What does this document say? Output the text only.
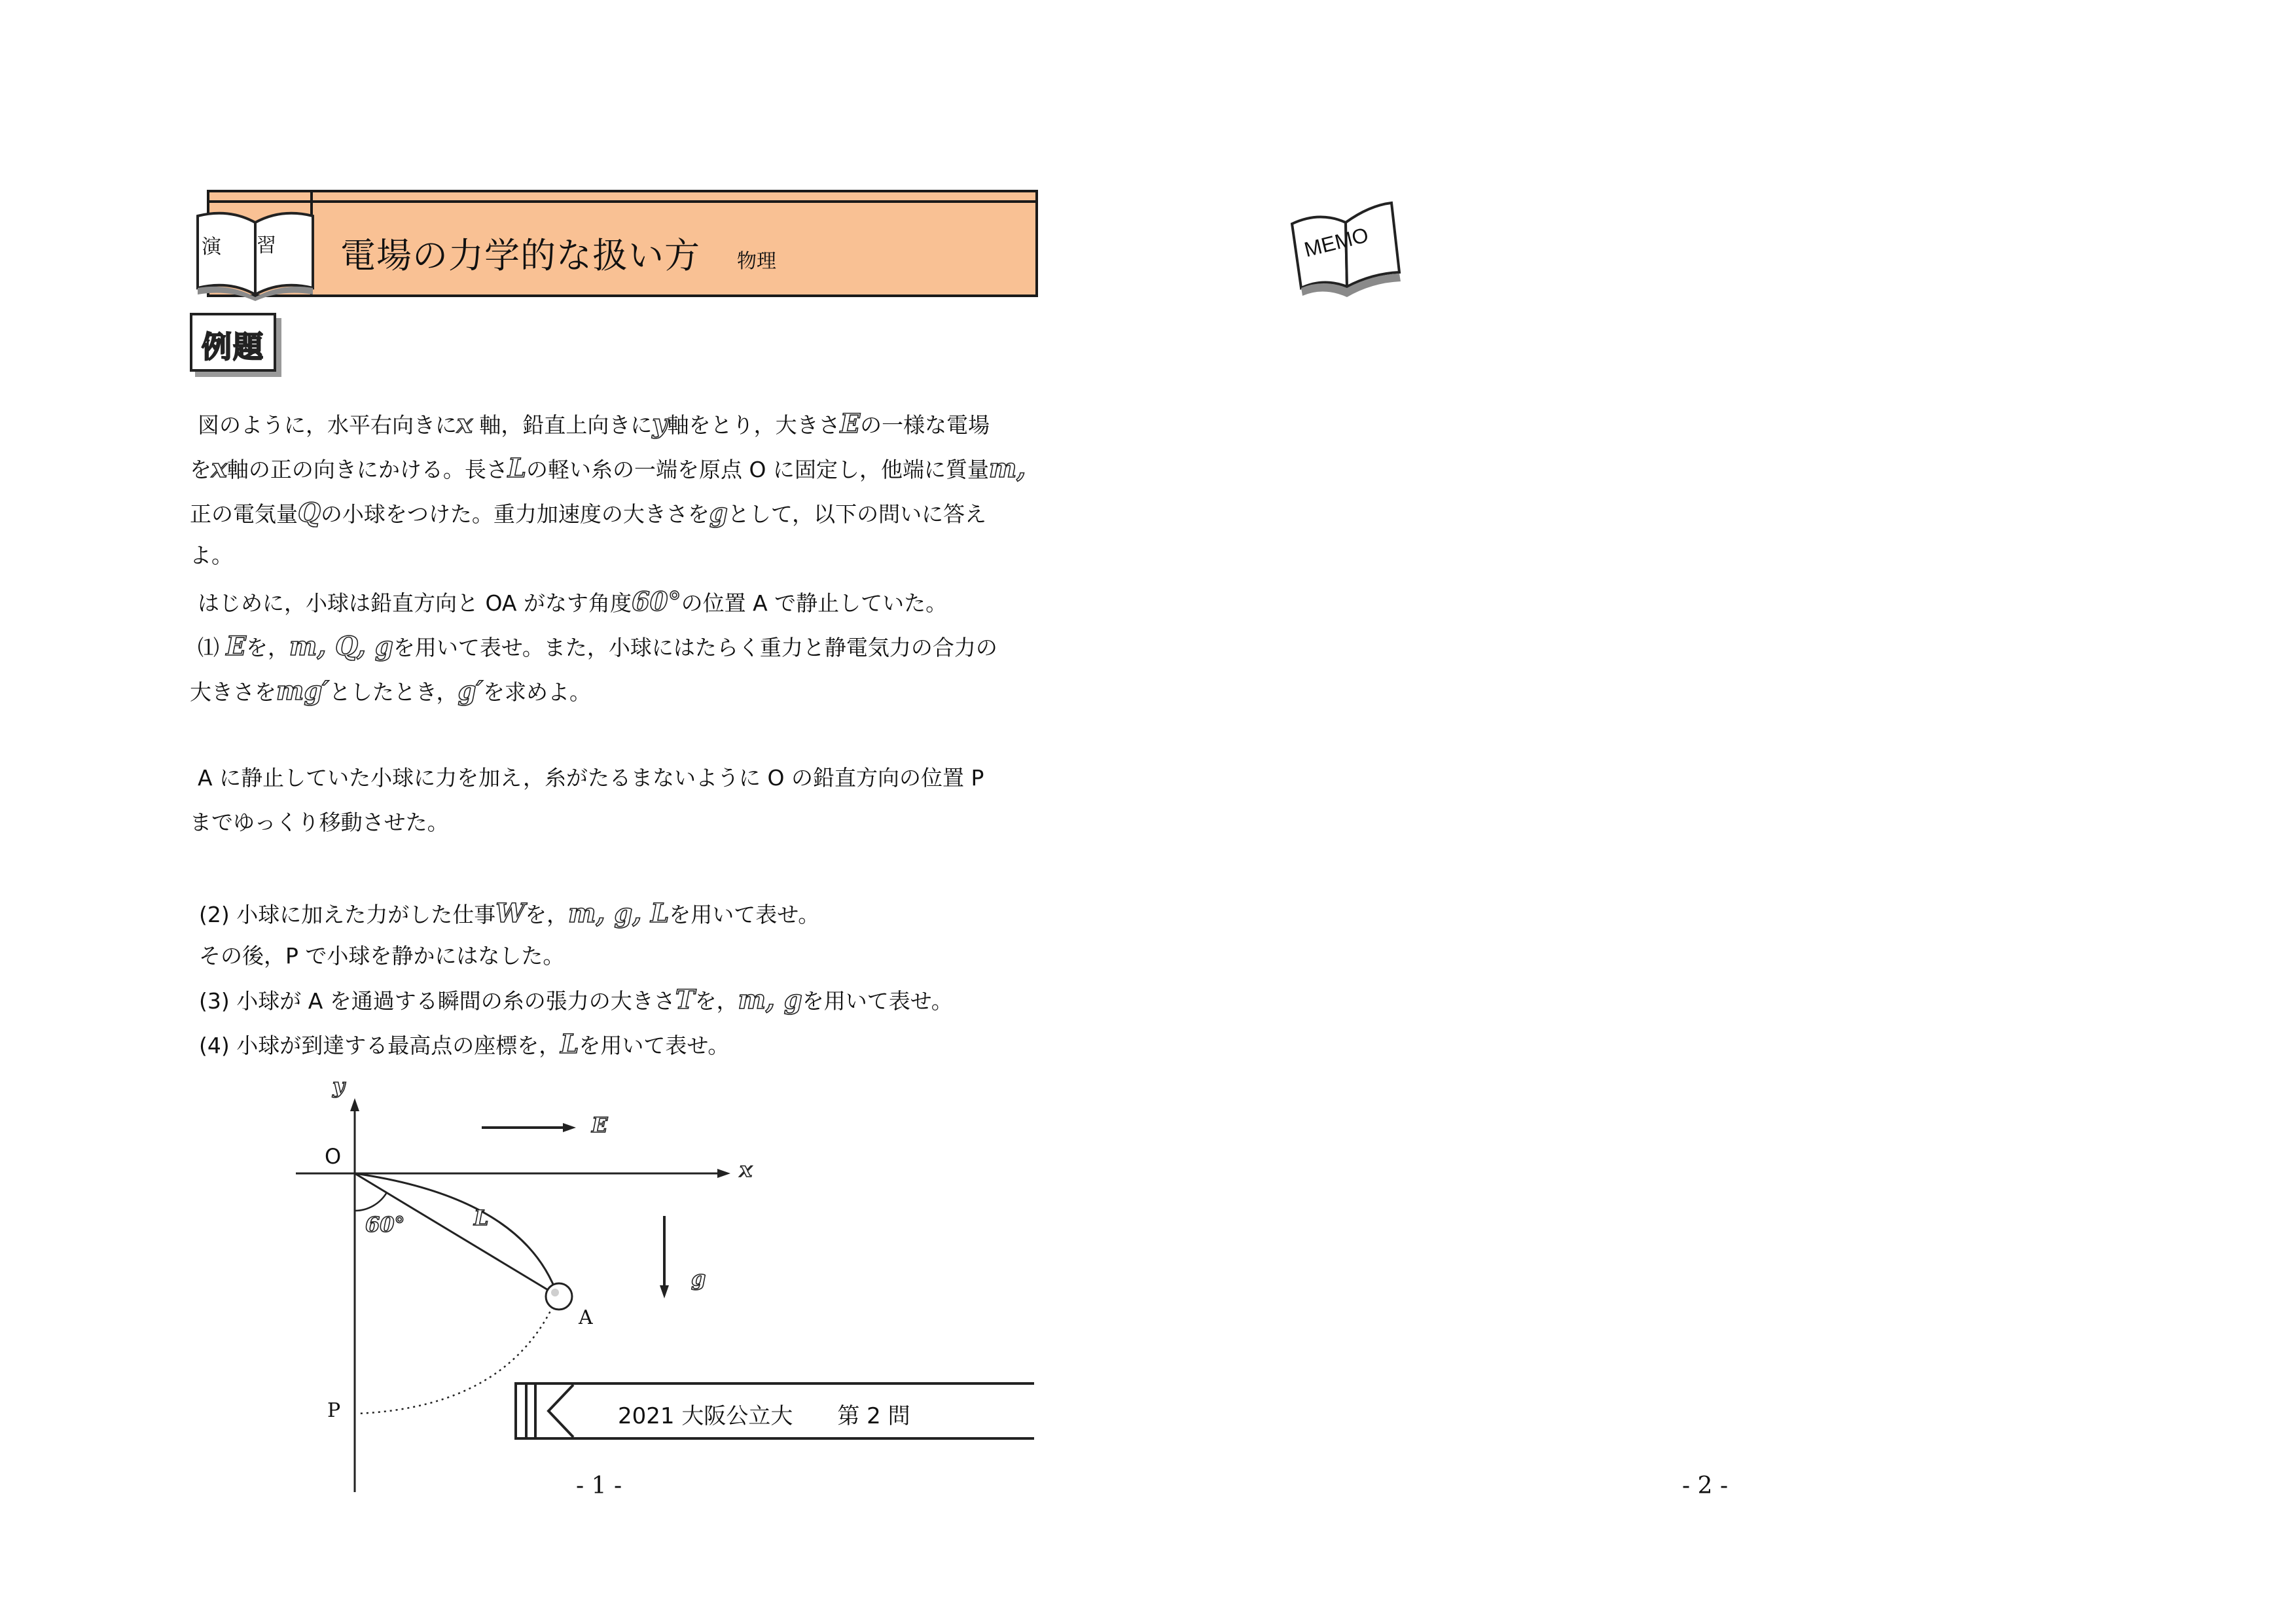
電場の力学的な扱い方 物理
演 習
例題
図のように，水平右向きにx 軸，鉛直上向きにy軸をとり，大きさEの一様な電場
をx軸の正の向きにかける。長さLの軽い糸の一端を原点 O に固定し，他端に質量m,
正の電気量Qの小球をつけた。重力加速度の大きさをgとして，以下の問いに答え
よ。
はじめに，小球は鉛直方向と OA がなす角度60°の位置 A で静止していた。
⑴ Eを，m, Q, gを用いて表せ。また，小球にはたらく重力と静電気力の合力の
大きさをmg′としたとき，g′を求めよ。
A に静止していた小球に力を加え，糸がたるまないように O の鉛直方向の位置 P
までゆっくり移動させた。
(2) 小球に加えた力がした仕事Wを，m, g, Lを用いて表せ。
その後，P で小球を静かにはなした。
(3) 小球が A を通過する瞬間の糸の張力の大きさTを，m, gを用いて表せ。
(4) 小球が到達する最高点の座標を，Lを用いて表せ。
y
x
O
E
L
60°
A
P
g
2021 大阪公立大　　第 2 問
- 1 -	- 2 -
MEMO
